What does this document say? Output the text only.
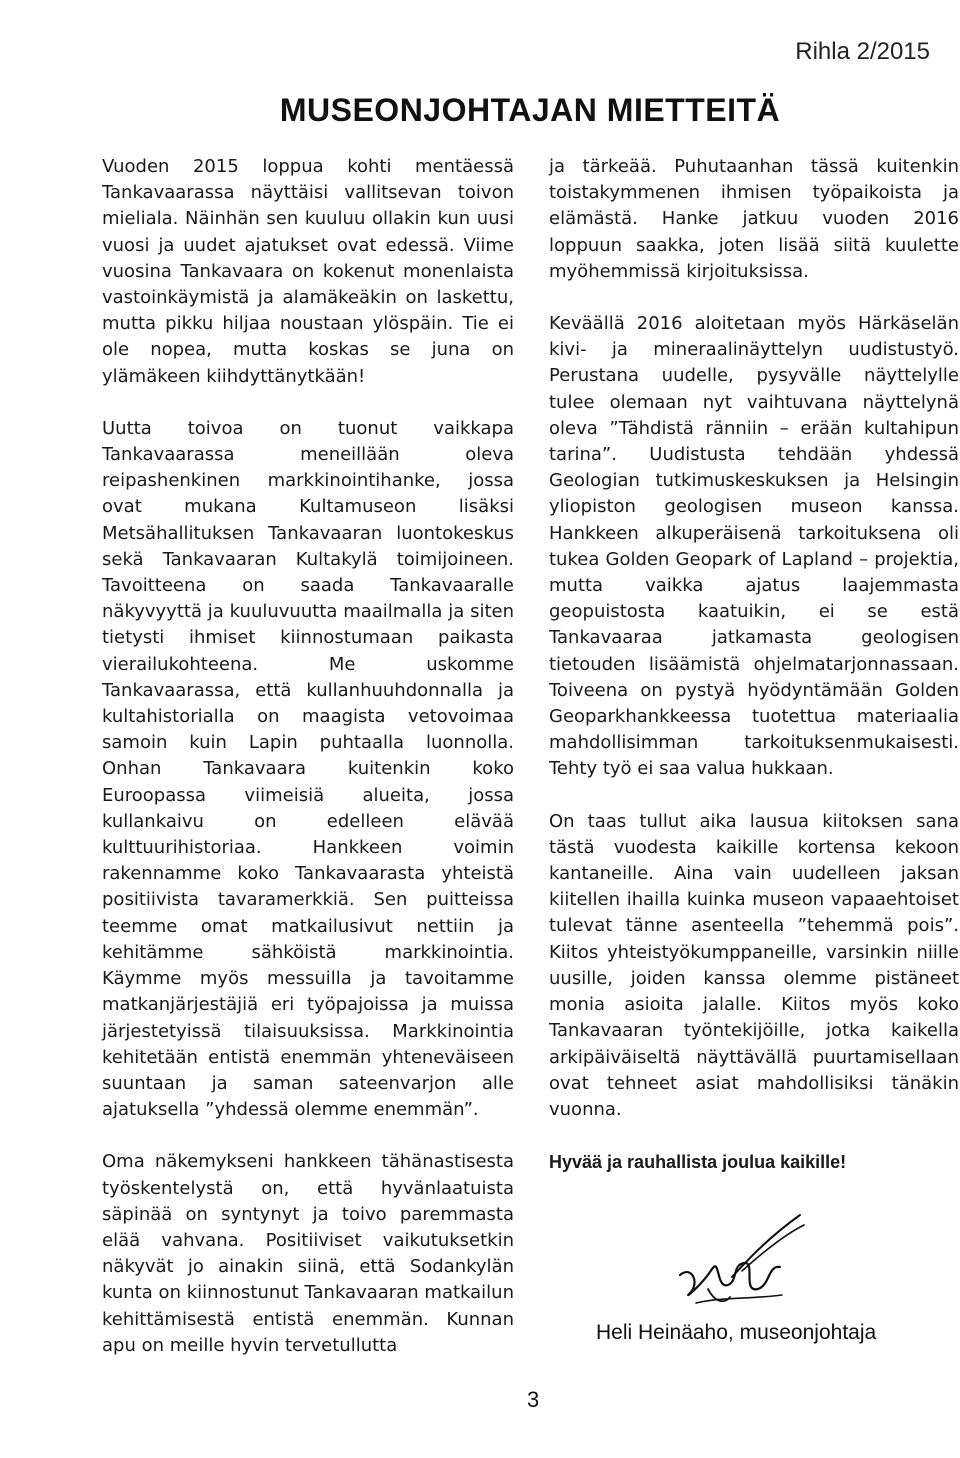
Rihla 2/2015
MUSEONJOHTAJAN MIETTEITÄ

Vuoden 2015 loppua kohti mentäessä Tankavaarassa näyttäisi vallitsevan toivon mieliala. Näinhän sen kuuluu ollakin kun uusi vuosi ja uudet ajatukset ovat edessä. Viime vuosina Tankavaara on kokenut monenlaista vastoinkäymistä ja alamäkeäkin on laskettu, mutta pikku hiljaa noustaan ylöspäin. Tie ei ole nopea, mutta koskas se juna on ylämäkeen kiihdyttänytkään!

Uutta toivoa on tuonut vaikkapa Tankavaarassa meneillään oleva reipashenkinen markkinointihanke, jossa ovat mukana Kultamuseon lisäksi Metsähallituksen Tankavaaran luontokeskus sekä Tankavaaran Kultakylä toimijoineen. Tavoitteena on saada Tankavaaralle näkyvyyttä ja kuuluvuutta maailmalla ja siten tietysti ihmiset kiinnostumaan paikasta vierailukohteena. Me uskomme Tankavaarassa, että kullanhuuhdonnalla ja kultahistorialla on maagista vetovoimaa samoin kuin Lapin puhtaalla luonnolla. Onhan Tankavaara kuitenkin koko Euroopassa viimeisiä alueita, jossa kullankaivu on edelleen elävää kulttuurihistoriaa. Hankkeen voimin rakennamme koko Tankavaarasta yhteistä positiivista tavaramerkkiä. Sen puitteissa teemme omat matkailusivut nettiin ja kehitämme sähköistä markkinointia. Käymme myös messuilla ja tavoitamme matkanjärjestäjiä eri työpajoissa ja muissa järjestetyissä tilaisuuksissa. Markkinointia kehitetään entistä enemmän yhteneväiseen suuntaan ja saman sateenvarjon alle ajatuksella ”yhdessä olemme enemmän”.

Oma näkemykseni hankkeen tähänastisesta työskentelystä on, että hyvänlaatuista säpinää on syntynyt ja toivo paremmasta elää vahvana. Positiiviset vaikutuksetkin näkyvät jo ainakin siinä, että Sodankylän kunta on kiinnostunut Tankavaaran matkailun kehittämisestä entistä enemmän. Kunnan apu on meille hyvin tervetullutta

ja tärkeää. Puhutaanhan tässä kuitenkin toistakymmenen ihmisen työpaikoista ja elämästä. Hanke jatkuu vuoden 2016 loppuun saakka, joten lisää siitä kuulette myöhemmissä kirjoituksissa.

Keväällä 2016 aloitetaan myös Härkäselän kivi- ja mineraalinäyttelyn uudistustyö. Perustana uudelle, pysyvälle näyttelylle tulee olemaan nyt vaihtuvana näyttelynä oleva ”Tähdistä ränniin – erään kultahipun tarina”. Uudistusta tehdään yhdessä Geologian tutkimuskeskuksen ja Helsingin yliopiston geologisen museon kanssa. Hankkeen alkuperäisenä tarkoituksena oli tukea Golden Geopark of Lapland – projektia, mutta vaikka ajatus laajemmasta geopuistosta kaatuikin, ei se estä Tankavaaraa jatkamasta geologisen tietouden lisäämistä ohjelmatarjonnassaan. Toiveena on pystyä hyödyntämään Golden Geoparkhankkeessa tuotettua materiaalia mahdollisimman tarkoituksenmukaisesti. Tehty työ ei saa valua hukkaan.

On taas tullut aika lausua kiitoksen sana tästä vuodesta kaikille kortensa kekoon kantaneille. Aina vain uudelleen jaksan kiitellen ihailla kuinka museon vapaaehtoiset tulevat tänne asenteella ”tehemmä pois”. Kiitos yhteistyökumppaneille, varsinkin niille uusille, joiden kanssa olemme pistäneet monia asioita jalalle. Kiitos myös koko Tankavaaran työntekijöille, jotka kaikella arkipäiväiseltä näyttävällä puurtamisellaan ovat tehneet asiat mahdollisiksi tänäkin vuonna.

Hyvää ja rauhallista joulua kaikille!

Heli Heinäaho, museonjohtaja
3
